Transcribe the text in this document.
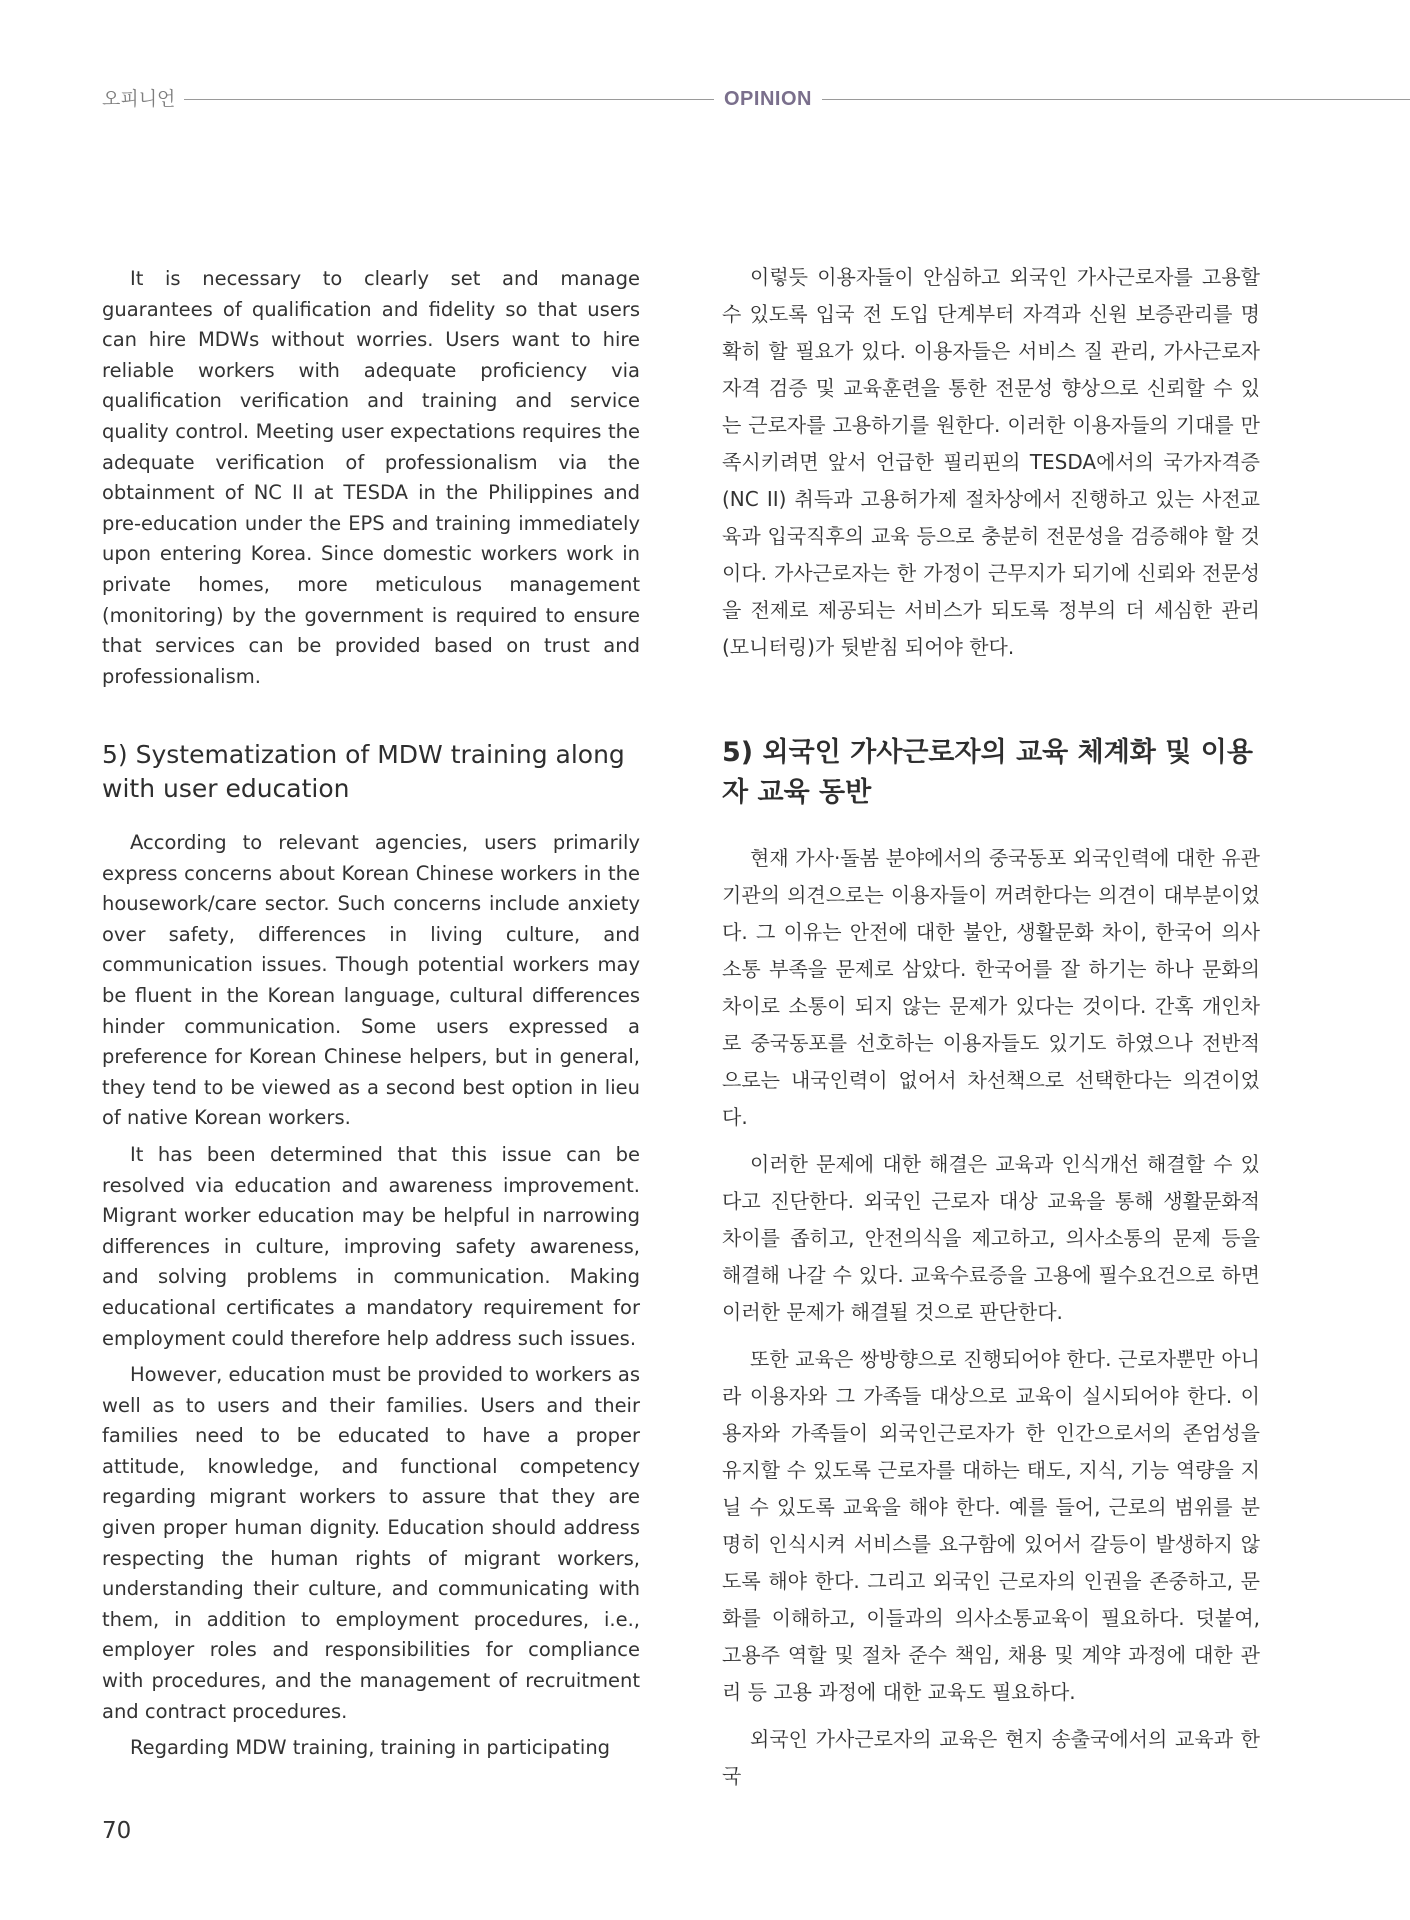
오피니언	OPINION

It is necessary to clearly set and manage guarantees of qualification and fidelity so that users can hire MDWs without worries. Users want to hire reliable workers with adequate proficiency via qualification verification and training and service quality control. Meeting user expectations requires the adequate verification of professionalism via the obtainment of NC II at TESDA in the Philippines and pre-education under the EPS and training immediately upon entering Korea. Since domestic workers work in private homes, more meticulous management (monitoring) by the government is required to ensure that services can be provided based on trust and professionalism.

이렇듯 이용자들이 안심하고 외국인 가사근로자를 고용할 수 있도록 입국 전 도입 단계부터 자격과 신원 보증관리를 명확히 할 필요가 있다. 이용자들은 서비스 질 관리, 가사근로자 자격 검증 및 교육훈련을 통한 전문성 향상으로 신뢰할 수 있는 근로자를 고용하기를 원한다. 이러한 이용자들의 기대를 만족시키려면 앞서 언급한 필리핀의 TESDA에서의 국가자격증(NC II) 취득과 고용허가제 절차상에서 진행하고 있는 사전교육과 입국직후의 교육 등으로 충분히 전문성을 검증해야 할 것이다. 가사근로자는 한 가정이 근무지가 되기에 신뢰와 전문성을 전제로 제공되는 서비스가 되도록 정부의 더 세심한 관리(모니터링)가 뒷받침 되어야 한다.

5) Systematization of MDW training along with user education
5) 외국인 가사근로자의 교육 체계화 및 이용자 교육 동반

According to relevant agencies, users primarily express concerns about Korean Chinese workers in the housework/care sector. Such concerns include anxiety over safety, differences in living culture, and communication issues. Though potential workers may be fluent in the Korean language, cultural differences hinder communication. Some users expressed a preference for Korean Chinese helpers, but in general, they tend to be viewed as a second best option in lieu of native Korean workers.

It has been determined that this issue can be resolved via education and awareness improvement. Migrant worker education may be helpful in narrowing differences in culture, improving safety awareness, and solving problems in communication. Making educational certificates a mandatory requirement for employment could therefore help address such issues.

However, education must be provided to workers as well as to users and their families. Users and their families need to be educated to have a proper attitude, knowledge, and functional competency regarding migrant workers to assure that they are given proper human dignity. Education should address respecting the human rights of migrant workers, understanding their culture, and communicating with them, in addition to employment procedures, i.e., employer roles and responsibilities for compliance with procedures, and the management of recruitment and contract procedures.

Regarding MDW training, training in participating

현재 가사·돌봄 분야에서의 중국동포 외국인력에 대한 유관기관의 의견으로는 이용자들이 꺼려한다는 의견이 대부분이었다. 그 이유는 안전에 대한 불안, 생활문화 차이, 한국어 의사소통 부족을 문제로 삼았다. 한국어를 잘 하기는 하나 문화의 차이로 소통이 되지 않는 문제가 있다는 것이다. 간혹 개인차로 중국동포를 선호하는 이용자들도 있기도 하였으나 전반적으로는 내국인력이 없어서 차선책으로 선택한다는 의견이었다.

이러한 문제에 대한 해결은 교육과 인식개선 해결할 수 있다고 진단한다. 외국인 근로자 대상 교육을 통해 생활문화적 차이를 좁히고, 안전의식을 제고하고, 의사소통의 문제 등을 해결해 나갈 수 있다. 교육수료증을 고용에 필수요건으로 하면 이러한 문제가 해결될 것으로 판단한다.

또한 교육은 쌍방향으로 진행되어야 한다. 근로자뿐만 아니라 이용자와 그 가족들 대상으로 교육이 실시되어야 한다. 이용자와 가족들이 외국인근로자가 한 인간으로서의 존엄성을 유지할 수 있도록 근로자를 대하는 태도, 지식, 기능 역량을 지닐 수 있도록 교육을 해야 한다. 예를 들어, 근로의 범위를 분명히 인식시켜 서비스를 요구함에 있어서 갈등이 발생하지 않도록 해야 한다. 그리고 외국인 근로자의 인권을 존중하고, 문화를 이해하고, 이들과의 의사소통교육이 필요하다. 덧붙여, 고용주 역할 및 절차 준수 책임, 채용 및 계약 과정에 대한 관리 등 고용 과정에 대한 교육도 필요하다.

외국인 가사근로자의 교육은 현지 송출국에서의 교육과 한국

70
